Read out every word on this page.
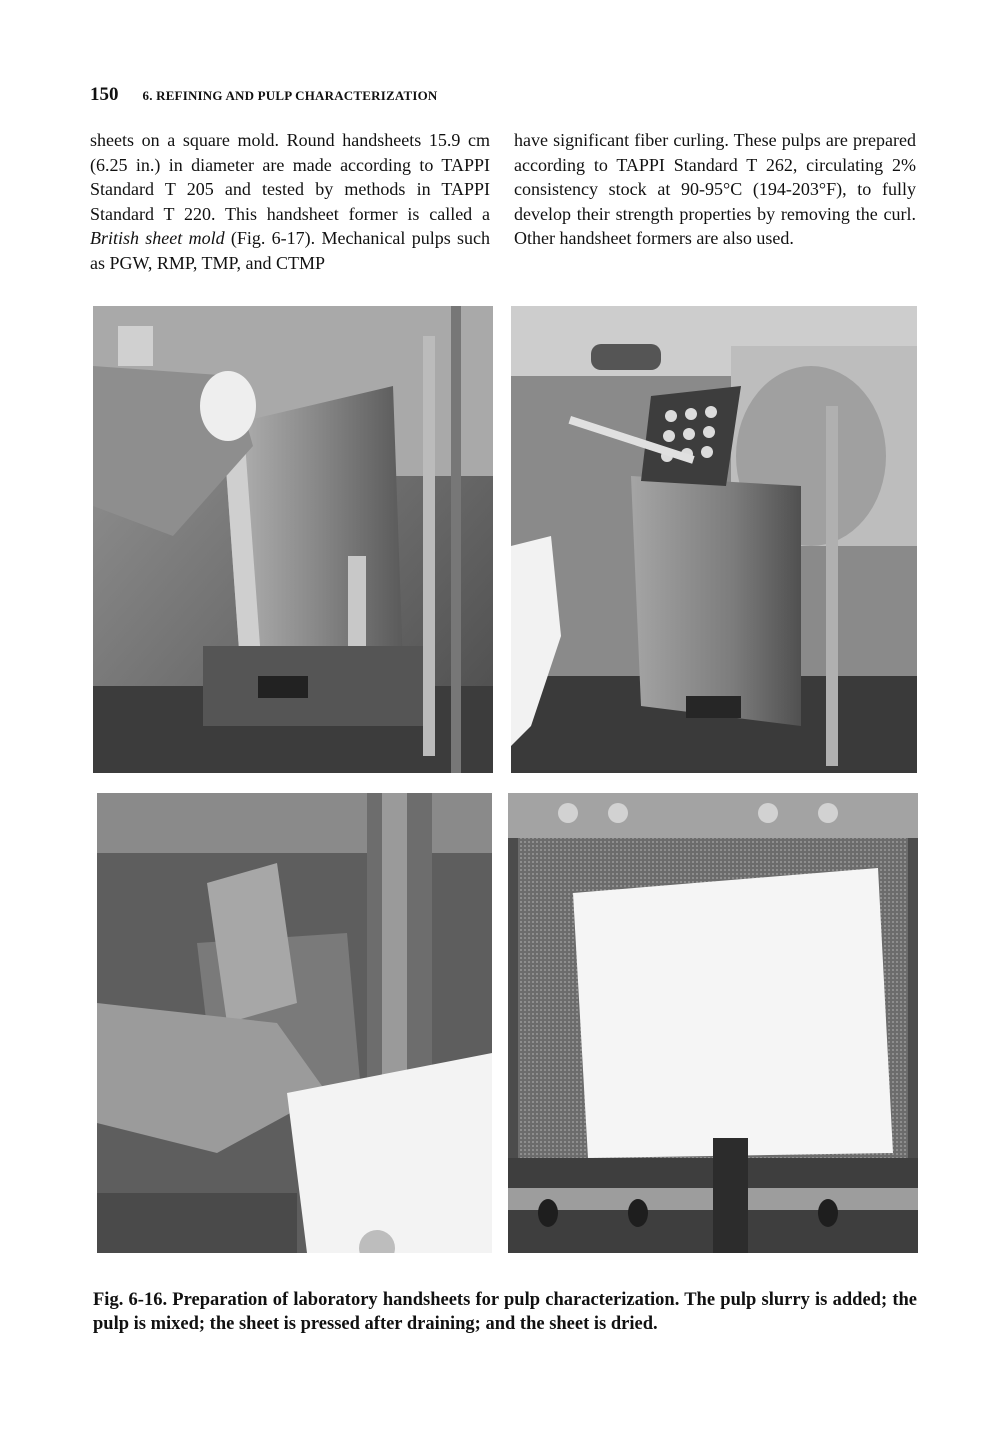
150 6. REFINING AND PULP CHARACTERIZATION

sheets on a square mold. Round handsheets 15.9 cm (6.25 in.) in diameter are made according to TAPPI Standard T 205 and tested by methods in TAPPI Standard T 220. This handsheet former is called a British sheet mold (Fig. 6-17). Mechanical pulps such as PGW, RMP, TMP, and CTMP

have significant fiber curling. These pulps are prepared according to TAPPI Standard T 262, circulating 2% consistency stock at 90-95°C (194-203°F), to fully develop their strength properties by removing the curl. Other handsheet formers are also used.

Fig. 6-16. Preparation of laboratory handsheets for pulp characterization. The pulp slurry is added; the pulp is mixed; the sheet is pressed after draining; and the sheet is dried.
